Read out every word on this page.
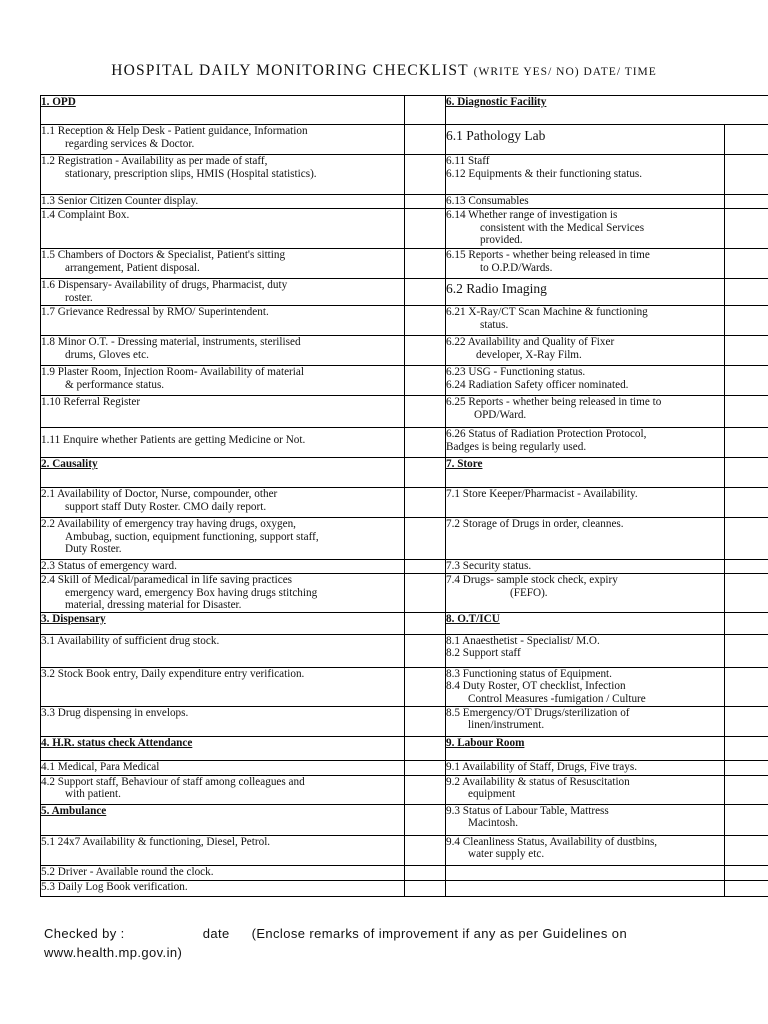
HOSPITAL DAILY MONITORING CHECKLIST (WRITE YES/ NO) DATE/ TIME
1. OPD		6. Diagnostic Facility	

1.1 Reception & Help Desk - Patient guidance, Information
regarding services & Doctor.		6.1 Pathology Lab	

1.2 Registration - Availability as per made of staff,
stationary, prescription slips, HMIS (Hospital statistics).		6.11 Staff
6.12 Equipments & their functioning status.	

1.3 Senior Citizen Counter display.		6.13 Consumables	
1.4 Complaint Box.		6.14 Whether range of investigation is
consistent with the Medical Services
provided.	

1.5 Chambers of Doctors & Specialist, Patient's sitting
arrangement, Patient disposal.		6.15 Reports - whether being released in time
to O.P.D/Wards.	

1.6 Dispensary- Availability of drugs, Pharmacist, duty
roster.		6.2 Radio Imaging	
1.7 Grievance Redressal by RMO/ Superintendent.		6.21 X-Ray/CT Scan Machine & functioning
status.	

1.8 Minor O.T. - Dressing material, instruments, sterilised
drums, Gloves etc.		6.22 Availability and Quality of Fixer
developer, X-Ray Film.	

1.9 Plaster Room, Injection Room- Availability of material
& performance status.		6.23 USG - Functioning status.
6.24 Radiation Safety officer nominated.	

1.10 Referral Register		6.25 Reports - whether being released in time to
OPD/Ward.	

1.11 Enquire whether Patients are getting Medicine or Not.		6.26 Status of Radiation Protection Protocol,
Badges is being regularly used.	

2. Causality		7. Store	

2.1 Availability of Doctor, Nurse, compounder, other
support staff Duty Roster. CMO daily report.		7.1 Store Keeper/Pharmacist - Availability.	

2.2 Availability of emergency tray having drugs, oxygen,
Ambubag, suction, equipment functioning, support staff,
Duty Roster.		7.2 Storage of Drugs in order, cleannes.	
2.3 Status of emergency ward.		7.3 Security status.	

2.4 Skill of Medical/paramedical in life saving practices
emergency ward, emergency Box having drugs stitching
material, dressing material for Disaster.		7.4 Drugs- sample stock check, expiry
(FEFO).	

3. Dispensary		8. O.T/ICU	
3.1 Availability of sufficient drug stock.		8.1 Anaesthetist - Specialist/ M.O.
8.2 Support staff	

3.2 Stock Book entry, Daily expenditure entry verification.		8.3 Functioning status of Equipment.
8.4 Duty Roster, OT checklist, Infection
Control Measures -fumigation / Culture	

3.3 Drug dispensing in envelops.		8.5 Emergency/OT Drugs/sterilization of
linen/instrument.	

4. H.R. status check Attendance		9. Labour Room	
4.1 Medical, Para Medical		9.1 Availability of Staff, Drugs, Five trays.	

4.2 Support staff, Behaviour of staff among colleagues and
with patient.		9.2 Availability & status of Resuscitation
equipment	

5. Ambulance		9.3 Status of Labour Table, Mattress
Macintosh.	

5.1 24x7 Availability & functioning, Diesel, Petrol.		9.4 Cleanliness Status, Availability of dustbins,
water supply etc.	

5.2 Driver - Available round the clock.			
5.3 Daily Log Book verification.			
Checked by :	date (Enclose remarks of improvement if any as per Guidelines on
www.health.mp.gov.in)
